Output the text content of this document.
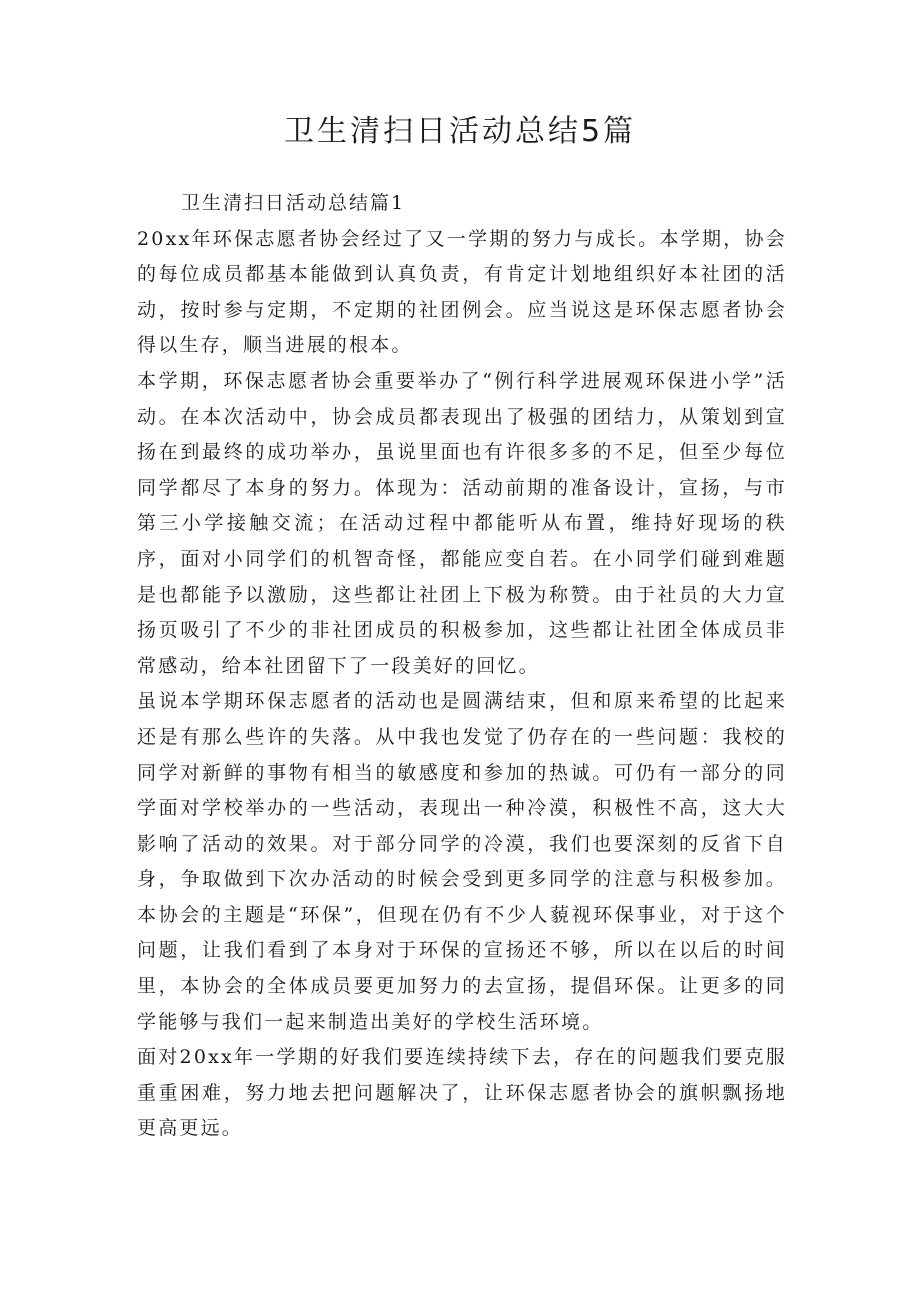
卫生清扫日活动总结5篇
卫生清扫日活动总结篇1

20xx年环保志愿者协会经过了又一学期的努力与成长。本学期，协会的每位成员都基本能做到认真负责，有肯定计划地组织好本社团的活动，按时参与定期，不定期的社团例会。应当说这是环保志愿者协会得以生存，顺当进展的根本。

本学期，环保志愿者协会重要举办了“例行科学进展观环保进小学”活动。在本次活动中，协会成员都表现出了极强的团结力，从策划到宣扬在到最终的成功举办，虽说里面也有许很多多的不足，但至少每位同学都尽了本身的努力。体现为：活动前期的准备设计，宣扬，与市第三小学接触交流；在活动过程中都能听从布置，维持好现场的秩序，面对小同学们的机智奇怪，都能应变自若。在小同学们碰到难题是也都能予以激励，这些都让社团上下极为称赞。由于社员的大力宣扬页吸引了不少的非社团成员的积极参加，这些都让社团全体成员非常感动，给本社团留下了一段美好的回忆。

虽说本学期环保志愿者的活动也是圆满结束，但和原来希望的比起来还是有那么些许的失落。从中我也发觉了仍存在的一些问题：我校的同学对新鲜的事物有相当的敏感度和参加的热诚。可仍有一部分的同学面对学校举办的一些活动，表现出一种冷漠，积极性不高，这大大影响了活动的效果。对于部分同学的冷漠，我们也要深刻的反省下自身，争取做到下次办活动的时候会受到更多同学的注意与积极参加。本协会的主题是“环保”，但现在仍有不少人藐视环保事业，对于这个问题，让我们看到了本身对于环保的宣扬还不够，所以在以后的时间里，本协会的全体成员要更加努力的去宣扬，提倡环保。让更多的同学能够与我们一起来制造出美好的学校生活环境。

面对20xx年一学期的好我们要连续持续下去，存在的问题我们要克服重重困难，努力地去把问题解决了，让环保志愿者协会的旗帜飘扬地更高更远。
